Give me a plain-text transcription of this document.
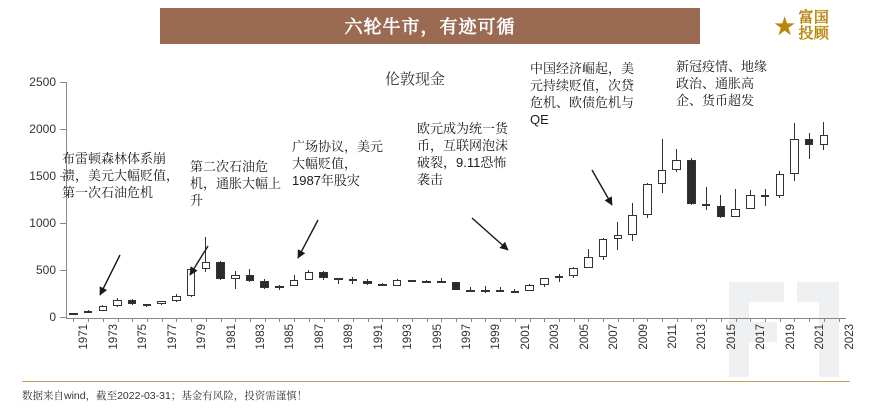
六轮牛市，有迹可循	★ 富国
投顾
0
500
1000
1500
2000
2500
1971 1973 1975 1977 1979 1981 1983 1985 1987 1989 1991 1993 1995 1997 1999 2001 2003 2005 2007 2009 2011 2013 2015 2017 2019 2021 2023
伦敦现金
布雷顿森林体系崩溃，美元大幅贬值，第一次石油危机
第二次石油危机，通胀大幅上升
广场协议，美元大幅贬值，1987年股灾
欧元成为统一货币，互联网泡沫破裂，9.11恐怖袭击
中国经济崛起，美元持续贬值，次贷危机、欧债危机与QE
新冠疫情、地缘政治、通胀高企、货币超发
数据来自wind，截至2022-03-31；基金有风险，投资需谨慎！
